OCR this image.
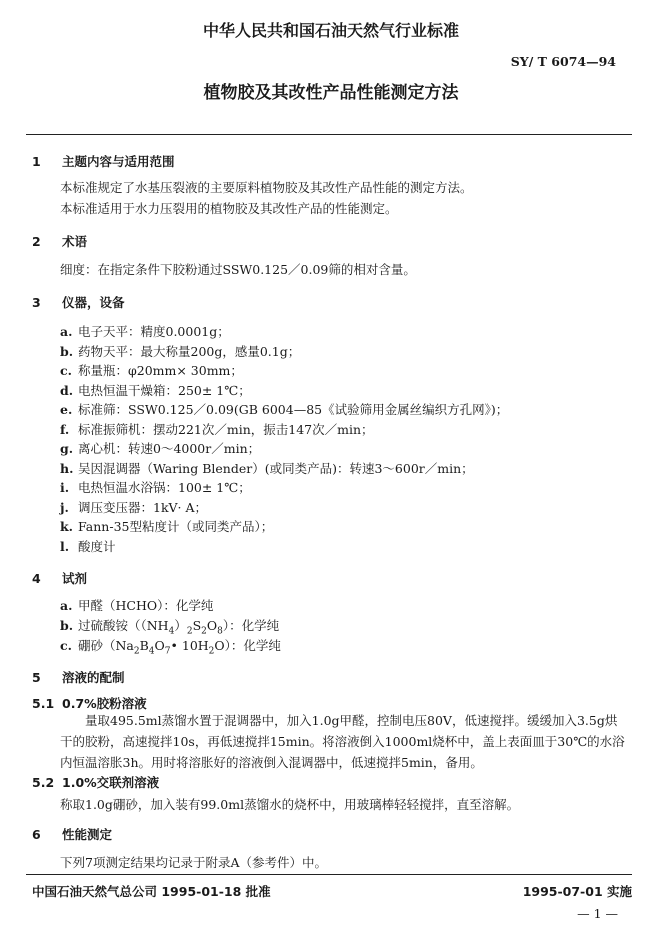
中华人民共和国石油天然气行业标准
SY/ T 6074—94
植物胶及其改性产品性能测定方法
1 主题内容与适用范围
本标准规定了水基压裂液的主要原料植物胶及其改性产品性能的测定方法。
本标准适用于水力压裂用的植物胶及其改性产品的性能测定。
2 术语
细度：在指定条件下胶粉通过SSW0.125／0.09筛的相对含量。
3 仪器，设备
a. 电子天平：精度0.0001g；
b. 药物天平：最大称量200g，感量0.1g；
c. 称量瓶：φ20mm× 30mm；
d. 电热恒温干燥箱：250± 1℃；
e. 标准筛：SSW0.125／0.09(GB 6004—85《试验筛用金属丝编织方孔网》)；
f. 标准振筛机：摆动221次／min，振击147次／min；
g. 离心机：转速0～4000r／min；
h. 吴因混调器（Waring Blender）(或同类产品)：转速3～600r／min；
i. 电热恒温水浴锅：100± 1℃；
j. 调压变压器：1kV· A；
k. Fann-35型粘度计（或同类产品）；
l. 酸度计
4 试剂
a. 甲醛（HCHO）：化学纯
b. 过硫酸铵$((NH_4)_2S_2O_8)$：化学纯
c. 硼砂（$Na_2B_4O_7•$ $10H_2O$）：化学纯
5 溶液的配制
5.1 0.7%胶粉溶液
量取495.5ml蒸馏水置于混调器中，加入1.0g甲醛，控制电压80V，低速搅拌。缓缓加入3.5g烘干的胶粉，高速搅拌10s，再低速搅拌15min。将溶液倒入1000ml烧杯中，盖上表面皿于30℃的水浴内恒温溶胀3h。用时将溶胀好的溶液倒入混调器中，低速搅拌5min，备用。
5.2 1.0%交联剂溶液
称取1.0g硼砂，加入装有99.0ml蒸馏水的烧杯中，用玻璃棒轻轻搅拌，直至溶解。
6 性能测定
下列7项测定结果均记录于附录A（参考件）中。
中国石油天然气总公司 1995-01-18 批准	1995-07-01 实施
— 1 —
